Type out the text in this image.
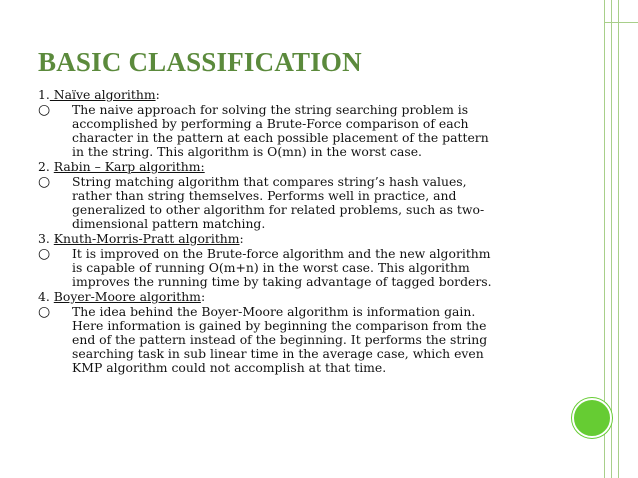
BASIC CLASSIFICATION

1. Naïve algorithm:

○ The naive approach for solving the string searching problem is
accomplished by performing a Brute-Force comparison of each
character in the pattern at each possible placement of the pattern
in the string. This algorithm is O(mn) in the worst case.

2. Rabin – Karp algorithm:

○ String matching algorithm that compares string’s hash values,
rather than string themselves. Performs well in practice, and
generalized to other algorithm for related problems, such as two-
dimensional pattern matching.

3. Knuth-Morris-Pratt algorithm:

○ It is improved on the Brute-force algorithm and the new algorithm
is capable of running O(m+n) in the worst case. This algorithm
improves the running time by taking advantage of tagged borders.

4. Boyer-Moore algorithm:

○ The idea behind the Boyer-Moore algorithm is information gain.
Here information is gained by beginning the comparison from the
end of the pattern instead of the beginning. It performs the string
searching task in sub linear time in the average case, which even
KMP algorithm could not accomplish at that time.
